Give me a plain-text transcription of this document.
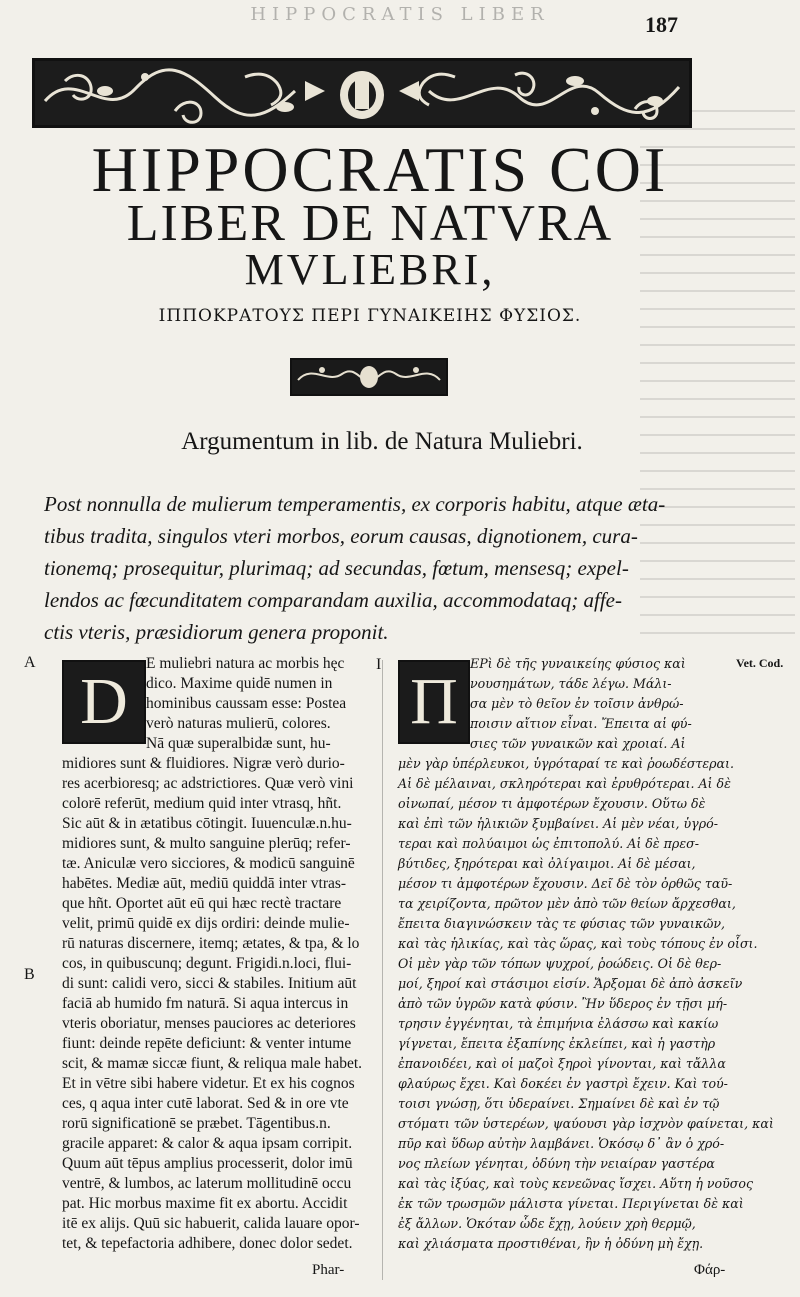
HIPPOCRATIS LIBER	187
HIPPOCRATIS COI
LIBER DE NATVRA
MVLIEBRI,
ΙΠΠΟΚΡΑΤΟΥΣ ΠΕΡΙ ΓΥΝΑΙΚΕΙΗΣ ΦΥΣΙΟΣ.
Argumentum in lib. de Natura Muliebri.
Post nonnulla de mulierum temperamentis, ex corporis habitu, atque æta-
tibus tradita, singulos vteri morbos, eorum causas, dignotionem, cura-
tionemq; prosequitur, plurimaq; ad secundas, fœtum, mensesq; expel-
lendos ac fœcunditatem comparandam auxilia, accommodataq; affe-
ctis vteris, præsidiorum genera proponit.
A
B
I	Vet. Cod.
D
E muliebri natura ac morbis hęc
dico. Maxime quidē numen in
hominibus caussam esse: Postea
verò naturas mulierū, colores.
Nā quæ superalbidæ sunt, hu-
midiores sunt & fluidiores. Nigræ verò durio-
res acerbioresq; ac adstrictiores. Quæ verò vini
colorē referūt, medium quid inter vtrasq, hñt.
Sic aūt & in ætatibus cōtingit. Iuuenculæ.n.hu-
midiores sunt, & multo sanguine plerūq; refer-
tæ. Aniculæ vero sicciores, & modicū sanguinē
habētes. Mediæ aūt, mediū quiddā inter vtras-
que hñt. Oportet aūt eū qui hæc rectè tractare
velit, primū quidē ex dijs ordiri: deinde mulie-
rū naturas discernere, itemq; ætates, & tpa, & lo
cos, in quibuscunq; degunt. Frigidi.n.loci, flui-
di sunt: calidi vero, sicci & stabiles. Initium aūt
faciā ab humido fm naturā. Si aqua intercus in
vteris oboriatur, menses pauciores ac deteriores
fiunt: deinde repēte deficiunt: & venter intume
scit, & mamæ siccæ fiunt, & reliqua male habet.
Et in vētre sibi habere videtur. Et ex his cognos
ces, q aqua inter cutē laborat. Sed & in ore vte
rorū significationē se præbet. Tāgentibus.n.
gracile apparet: & calor & aqua ipsam corripit.
Quum aūt tēpus amplius processerit, dolor imū
ventrē, & lumbos, ac laterum mollitudinē occu
pat. Hic morbus maxime fit ex abortu. Accidit
itē ex alijs. Quū sic habuerit, calida lauare opor-
tet, & tepefactoria adhibere, donec dolor sedet.
Phar-
Π
ΕΡὶ δὲ τῆς γυναικείης φύσιος καὶ
νουσημάτων, τάδε λέγω. Μάλι-
σα μὲν τὸ θεῖον ἐν τοῖσιν ἀνθρώ-
ποισιν αἴτιον εἶναι. Ἔπειτα αἱ φύ-
σιες τῶν γυναικῶν καὶ χροιαί. Αἱ
μὲν γὰρ ὑπέρλευκοι, ὑγρόταραί τε καὶ ῥοωδέστεραι.
Αἱ δὲ μέλαιναι, σκληρότεραι καὶ ἐρυθρότεραι. Αἱ δὲ
οἰνωπαί, μέσον τι ἀμφοτέρων ἔχουσιν. Οὕτω δὲ
καὶ ἐπὶ τῶν ἡλικιῶν ξυμβαίνει. Αἱ μὲν νέαι, ὑγρό-
τεραι καὶ πολύαιμοι ὡς ἐπιτοπολύ. Αἱ δὲ πρεσ-
βύτιδες, ξηρότεραι καὶ ὀλίγαιμοι. Αἱ δὲ μέσαι,
μέσον τι ἀμφοτέρων ἔχουσιν. Δεῖ δὲ τὸν ὀρθῶς ταῦ-
τα χειρίζοντα, πρῶτον μὲν ἀπὸ τῶν θείων ἄρχεσθαι,
ἔπειτα διαγινώσκειν τὰς τε φύσιας τῶν γυναικῶν,
καὶ τὰς ἡλικίας, καὶ τὰς ὥρας, καὶ τοὺς τόπους ἐν οἷσι.
Οἱ μὲν γὰρ τῶν τόπων ψυχροί, ῥοώδεις. Οἱ δὲ θερ-
μοί, ξηροί καὶ στάσιμοι εἰσίν. Ἄρξομαι δὲ ἀπὸ ἀσκεῖν
ἀπὸ τῶν ὑγρῶν κατὰ φύσιν. Ἢν ὕδερος ἐν τῇσι μή-
τρησιν ἐγγένηται, τὰ ἐπιμήνια ἐλάσσω καὶ κακίω
γίγνεται, ἔπειτα ἐξαπίνης ἐκλείπει, καὶ ἡ γαστὴρ
ἐπανοιδέει, καὶ οἱ μαζοὶ ξηροὶ γίνονται, καὶ τἄλλα
φλαύρως ἔχει. Καὶ δοκέει ἐν γαστρὶ ἔχειν. Καὶ τού-
τοισι γνώσῃ, ὅτι ὑδεραίνει. Σημαίνει δὲ καὶ ἐν τῷ
στόματι τῶν ὑστερέων, ψαύουσι γὰρ ἰσχνὸν φαίνεται, καὶ
πῦρ καὶ ὕδωρ αὐτὴν λαμβάνει. Ὁκόσῳ δ᾽ ἂν ὁ χρό-
νος πλείων γένηται, ὀδύνη τὴν νειαίραν γαστέρα
καὶ τὰς ἰξύας, καὶ τοὺς κενεῶνας ἴσχει. Αὕτη ἡ νοῦσος
ἐκ τῶν τρωσμῶν μάλιστα γίνεται. Περιγίνεται δὲ καὶ
ἐξ ἄλλων. Ὁκόταν ὧδε ἔχῃ, λούειν χρὴ θερμῷ,
καὶ χλιάσματα προστιθέναι, ἢν ἡ ὀδύνη μὴ ἔχῃ.
Φάρ-
